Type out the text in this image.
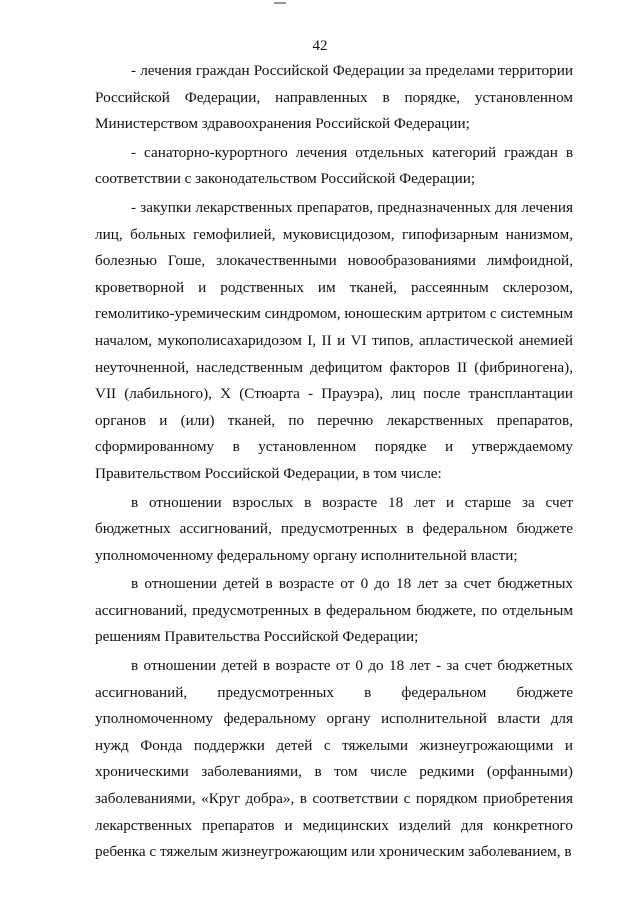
42

- лечения граждан Российской Федерации за пределами территории Российской Федерации, направленных в порядке, установленном Министерством здравоохранения Российской Федерации;

- санаторно-курортного лечения отдельных категорий граждан в соответствии с законодательством Российской Федерации;

- закупки лекарственных препаратов, предназначенных для лечения лиц, больных гемофилией, муковисцидозом, гипофизарным нанизмом, болезнью Гоше, злокачественными новообразованиями лимфоидной, кроветворной и родственных им тканей, рассеянным склерозом, гемолитико-уремическим синдромом, юношеским артритом с системным началом, мукополисахаридозом I, II и VI типов, апластической анемией неуточненной, наследственным дефицитом факторов II (фибриногена), VII (лабильного), X (Стюарта - Прауэра), лиц после трансплантации органов и (или) тканей, по перечню лекарственных препаратов, сформированному в установленном порядке и утверждаемому Правительством Российской Федерации, в том числе:

в отношении взрослых в возрасте 18 лет и старше за счет бюджетных ассигнований, предусмотренных в федеральном бюджете уполномоченному федеральному органу исполнительной власти;

в отношении детей в возрасте от 0 до 18 лет за счет бюджетных ассигнований, предусмотренных в федеральном бюджете, по отдельным решениям Правительства Российской Федерации;

в отношении детей в возрасте от 0 до 18 лет - за счет бюджетных ассигнований, предусмотренных в федеральном бюджете уполномоченному федеральному органу исполнительной власти для нужд Фонда поддержки детей с тяжелыми жизнеугрожающими и хроническими заболеваниями, в том числе редкими (орфанными) заболеваниями, «Круг добра», в соответствии с порядком приобретения лекарственных препаратов и медицинских изделий для конкретного ребенка с тяжелым жизнеугрожающим или хроническим заболеванием, в
